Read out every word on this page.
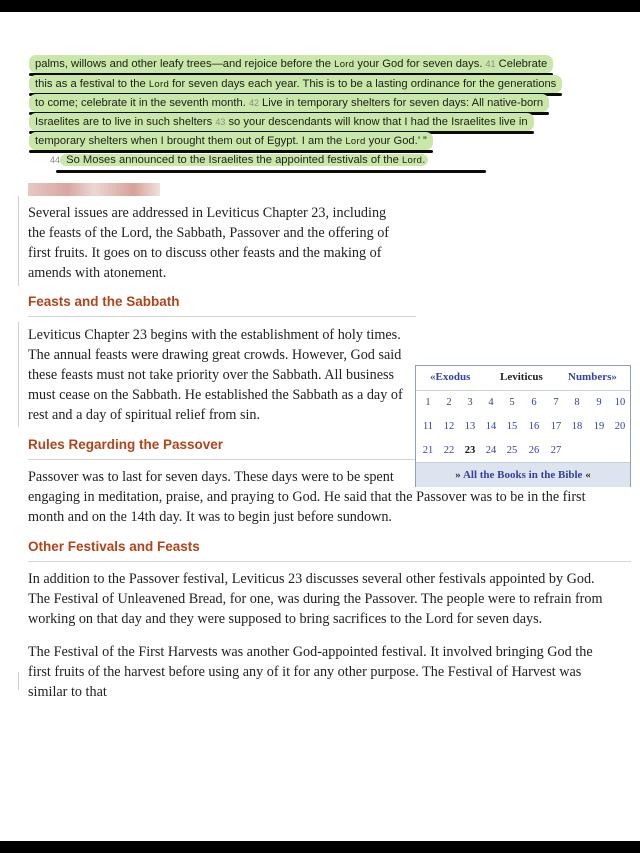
palms, willows and other leafy trees—and rejoice before the Lord your God for seven days. 41 Celebrate
this as a festival to the Lord for seven days each year. This is to be a lasting ordinance for the generations
to come; celebrate it in the seventh month. 42 Live in temporary shelters for seven days: All native-born
Israelites are to live in such shelters 43 so your descendants will know that I had the Israelites live in
temporary shelters when I brought them out of Egypt. I am the Lord your God.’ ”
44 So Moses announced to the Israelites the appointed festivals of the Lord.
Several issues are addressed in Leviticus Chapter 23, including
the feasts of the Lord, the Sabbath, Passover and the offering of
first fruits. It goes on to discuss other feasts and the making of
amends with atonement.
Feasts and the Sabbath
Leviticus Chapter 23 begins with the establishment of holy times.
The annual feasts were drawing great crowds. However, God said
these feasts must not take priority over the Sabbath. All business
must cease on the Sabbath. He established the Sabbath as a day of
rest and a day of spiritual relief from sin.
Rules Regarding the Passover
Passover was to last for seven days. These days were to be spent
engaging in meditation, praise, and praying to God. He said that the Passover was to be in the first
month and on the 14th day. It was to begin just before sundown.
Other Festivals and Feasts
In addition to the Passover festival, Leviticus 23 discusses several other festivals appointed by God.
The Festival of Unleavened Bread, for one, was during the Passover. The people were to refrain from
working on that day and they were supposed to bring sacrifices to the Lord for seven days.
The Festival of the First Harvests was another God-appointed festival. It involved bringing God the
first fruits of the harvest before using any of it for any other purpose. The Festival of Harvest was
similar to that
«Exodus	Leviticus Numbers»
1	2	3	4	5	6	7	8	9	10
11	12	13	14	15	16	17	18	19	20
21	22	23	24	25	26	27
» All the Books in the Bible «
